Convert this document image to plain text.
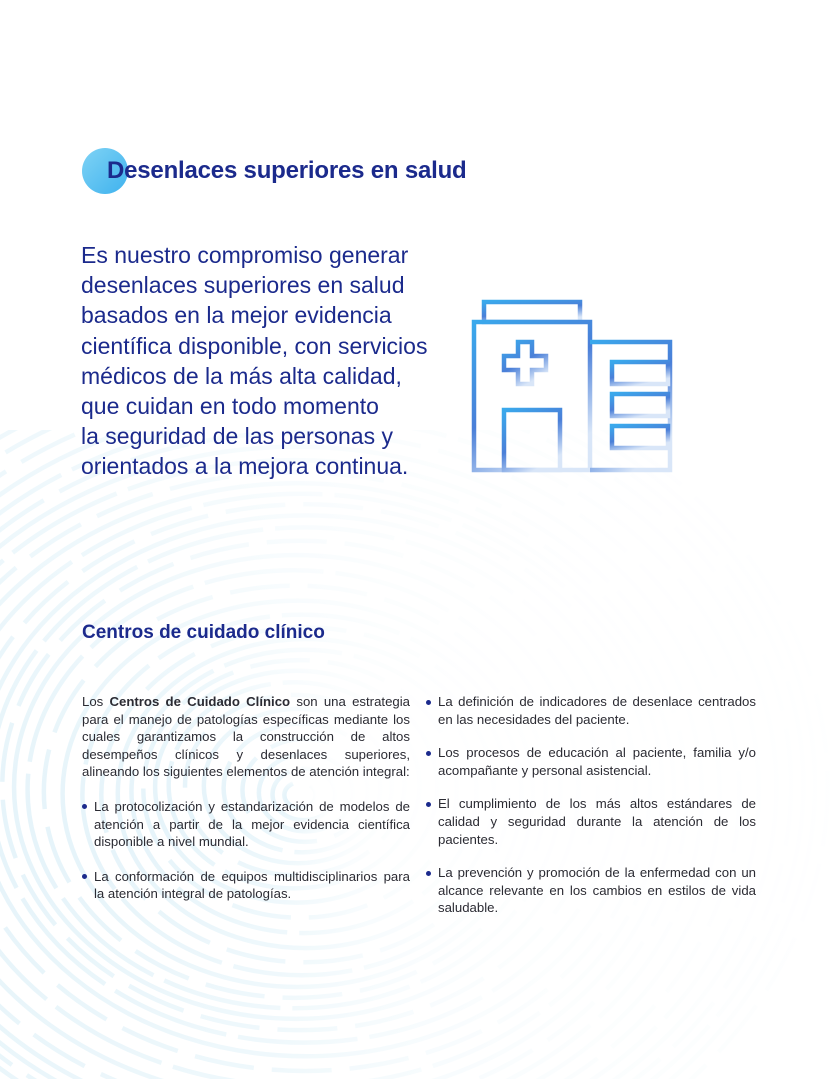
Desenlaces superiores en salud

Es nuestro compromiso generar
desenlaces superiores en salud
basados en la mejor evidencia
científica disponible, con servicios
médicos de la más alta calidad,
que cuidan en todo momento
la seguridad de las personas y
orientados a la mejora continua.

Centros de cuidado clínico

Los Centros de Cuidado Clínico son una estrategia para el manejo de patologías específicas mediante los cuales garantizamos la construcción de altos desempeños clínicos y desenlaces superiores, alineando los siguientes elementos de atención integral:

La protocolización y estandarización de modelos de atención a partir de la mejor evidencia científica disponible a nivel mundial.
La conformación de equipos multidisciplinarios para la atención integral de patologías.
La definición de indicadores de desenlace centrados en las necesidades del paciente.
Los procesos de educación al paciente, familia y/o acompañante y personal asistencial.
El cumplimiento de los más altos estándares de calidad y seguridad durante la atención de los pacientes.
La prevención y promoción de la enfermedad con un alcance relevante en los cambios en estilos de vida saludable.
